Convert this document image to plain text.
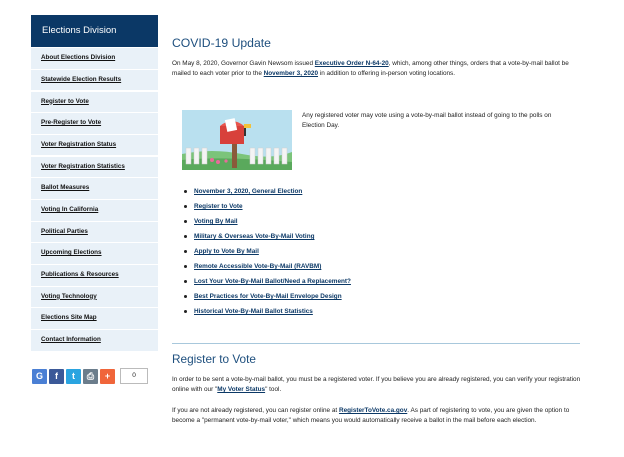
Elections Division
About Elections Division
Statewide Election Results
Register to Vote
Pre-Register to Vote
Voter Registration Status
Voter Registration Statistics
Ballot Measures
Voting In California
Political Parties
Upcoming Elections
Publications & Resources
Voting Technology
Elections Site Map
Contact Information
G	f	t	⎙	+	0
COVID-19 Update

On May 8, 2020, Governor Gavin Newsom issued Executive Order N-64-20, which, among other things, orders that a vote-by-mail ballot be mailed to each voter prior to the November 3, 2020 in addition to offering in-person voting locations.

Any registered voter may vote using a vote-by-mail ballot instead of going to the polls on Election Day.

November 3, 2020, General Election
Register to Vote
Voting By Mail
Military & Overseas Vote-By-Mail Voting
Apply to Vote By Mail
Remote Accessible Vote-By-Mail (RAVBM)
Lost Your Vote-By-Mail Ballot/Need a Replacement?
Best Practices for Vote-By-Mail Envelope Design
Historical Vote-By-Mail Ballot Statistics
Register to Vote

In order to be sent a vote-by-mail ballot, you must be a registered voter. If you believe you are already registered, you can verify your registration online with our "My Voter Status" tool.

If you are not already registered, you can register online at RegisterToVote.ca.gov. As part of registering to vote, you are given the option to become a "permanent vote-by-mail voter," which means you would automatically receive a ballot in the mail before each election.
